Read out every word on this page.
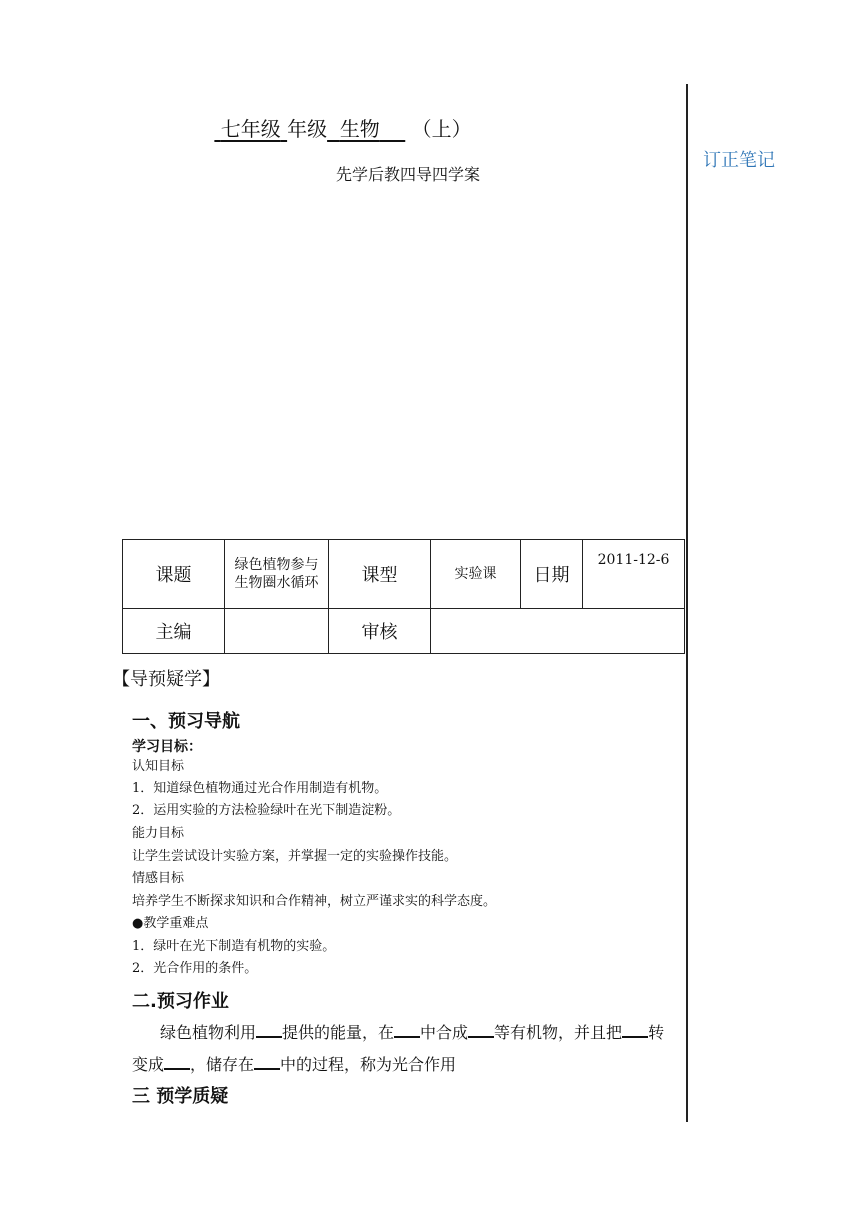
订正笔记
七年级 年级 生物 （上）
先学后教四导四学案
课题	绿色植物参与生物圈水循环	课型	实验课	日期	2011-12-6
主编		审核			
【导预疑学】
一、预习导航
学习目标：
认知目标
1．知道绿色植物通过光合作用制造有机物。
2．运用实验的方法检验绿叶在光下制造淀粉。
能力目标
让学生尝试设计实验方案，并掌握一定的实验操作技能。
情感目标
培养学生不断探求知识和合作精神，树立严谨求实的科学态度。
●教学重难点
1．绿叶在光下制造有机物的实验。
2．光合作用的条件。
二.预习作业
绿色植物利用 提供的能量，在 中合成 等有机物，并且把 转
变成 ，储存在 中的过程，称为光合作用
三 预学质疑
